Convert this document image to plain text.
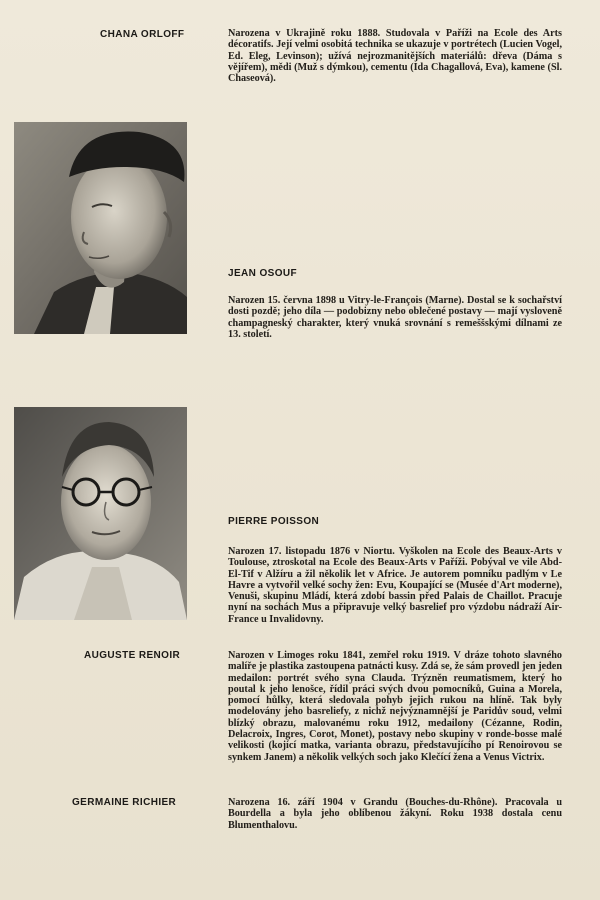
CHANA ORLOFF	Narozena v Ukrajině roku 1888. Studovala v Paříži na Ecole des Arts décoratifs. Její velmi osobitá technika se ukazuje v portrétech (Lucien Vogel, Ed. Eleg, Levinson); užívá nejrozmanitějších materiálů: dřeva (Dáma s vějířem), mědi (Muž s dýmkou), cementu (Ida Chagallová, Eva), kamene (Sl. Chaseová).
JEAN OSOUF
Narozen 15. června 1898 u Vitry-le-François (Marne). Dostal se k sochařství dosti pozdě; jeho díla — podobizny nebo oblečené postavy — mají vysloveně champagneský charakter, který vnuká srovnání s remeššskými dílnami ze 13. století.
PIERRE POISSON
Narozen 17. listopadu 1876 v Niortu. Vyškolen na Ecole des Beaux-Arts v Toulouse, ztroskotal na Ecole des Beaux-Arts v Paříži. Pobýval ve vile Abd-El-Tif v Alžíru a žil několik let v Africe. Je autorem pomníku padlým v Le Havre a vytvořil velké sochy žen: Evu, Koupající se (Musée d'Art moderne), Venuši, skupinu Mládí, která zdobí bassin před Palais de Chaillot. Pracuje nyní na sochách Mus a připravuje velký basrelief pro výzdobu nádraží Air-France u Invalidovny.
AUGUSTE RENOIR	Narozen v Limoges roku 1841, zemřel roku 1919. V dráze tohoto slavného malíře je plastika zastoupena patnácti kusy. Zdá se, že sám provedl jen jeden medailon: portrét svého syna Clauda. Trýzněn reumatismem, který ho poutal k jeho lenošce, řídil práci svých dvou pomocníků, Guina a Morela, pomocí hůlky, která sledovala pohyb jejich rukou na hlíně. Tak byly modelovány jeho basreliefy, z nichž nejvýznamnější je Paridův soud, velmi blízký obrazu, malovanému roku 1912, medailony (Cézanne, Rodin, Delacroix, Ingres, Corot, Monet), postavy nebo skupiny v ronde-bosse malé velikosti (kojící matka, varianta obrazu, představujícího pí Renoirovou se synkem Janem) a několik velkých soch jako Klečící žena a Venus Victrix.
GERMAINE RICHIER	Narozena 16. září 1904 v Grandu (Bouches-du-Rhône). Pracovala u Bourdella a byla jeho oblíbenou žákyní. Roku 1938 dostala cenu Blumenthalovu.
